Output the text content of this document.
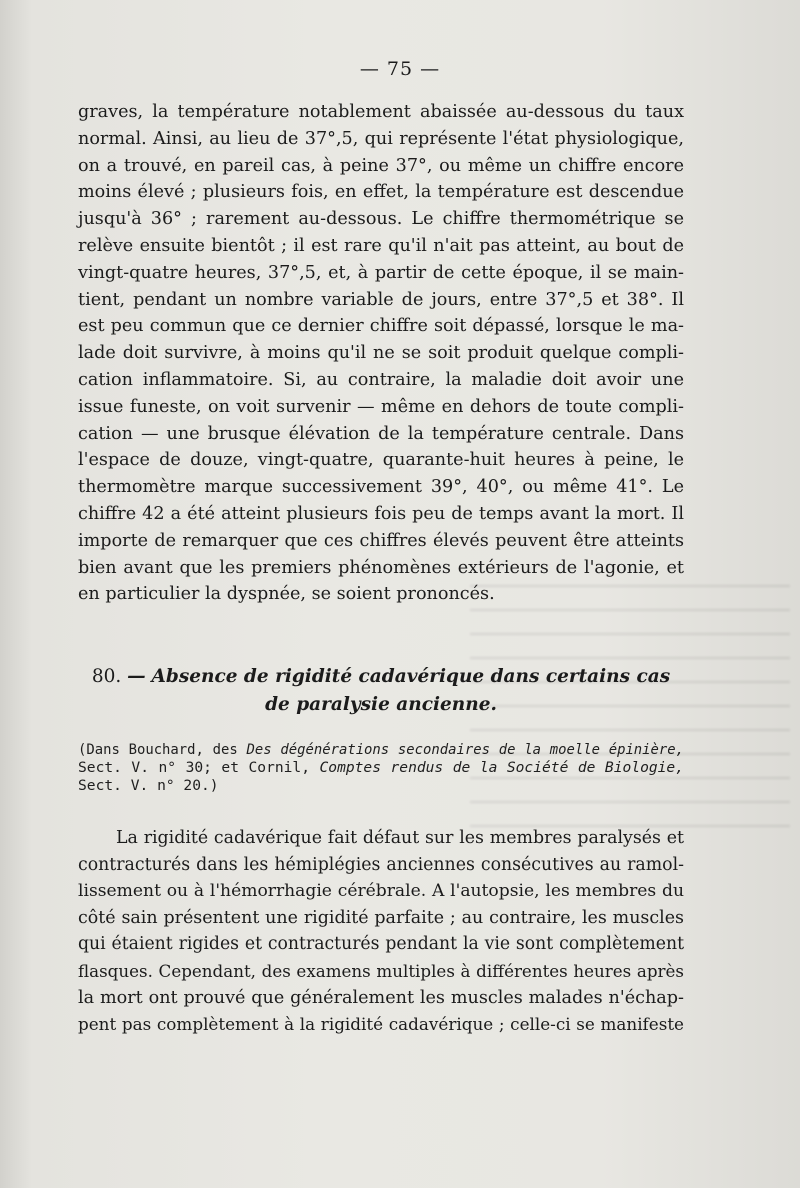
— 75 —
graves, la température notablement abaissée au-dessous du taux
normal. Ainsi, au lieu de 37°,5, qui représente l'état physiologique,
on a trouvé, en pareil cas, à peine 37°, ou même un chiffre encore
moins élevé ; plusieurs fois, en effet, la température est descendue
jusqu'à 36° ; rarement au-dessous. Le chiffre thermométrique se
relève ensuite bientôt ; il est rare qu'il n'ait pas atteint, au bout de
vingt-quatre heures, 37°,5, et, à partir de cette époque, il se main-
tient, pendant un nombre variable de jours, entre 37°,5 et 38°. Il
est peu commun que ce dernier chiffre soit dépassé, lorsque le ma-
lade doit survivre, à moins qu'il ne se soit produit quelque compli-
cation inflammatoire. Si, au contraire, la maladie doit avoir une
issue funeste, on voit survenir — même en dehors de toute compli-
cation — une brusque élévation de la température centrale. Dans
l'espace de douze, vingt-quatre, quarante-huit heures à peine, le
thermomètre marque successivement 39°, 40°, ou même 41°. Le
chiffre 42 a été atteint plusieurs fois peu de temps avant la mort. Il
importe de remarquer que ces chiffres élevés peuvent être atteints
bien avant que les premiers phénomènes extérieurs de l'agonie, et
en particulier la dyspnée, se soient prononcés.
80. — Absence de rigidité cadavérique dans certains cas
de paralysie ancienne.
(Dans Bouchard, des Des dégénérations secondaires de la moelle épinière,
Sect. V. n° 30; et Cornil, Comptes rendus de la Société de Biologie,
Sect. V. n° 20.)
La rigidité cadavérique fait défaut sur les membres paralysés et
contracturés dans les hémiplégies anciennes consécutives au ramol-
lissement ou à l'hémorrhagie cérébrale. A l'autopsie, les membres du
côté sain présentent une rigidité parfaite ; au contraire, les muscles
qui étaient rigides et contracturés pendant la vie sont complètement
flasques. Cependant, des examens multiples à différentes heures après
la mort ont prouvé que généralement les muscles malades n'échap-
pent pas complètement à la rigidité cadavérique ; celle-ci se manifeste
